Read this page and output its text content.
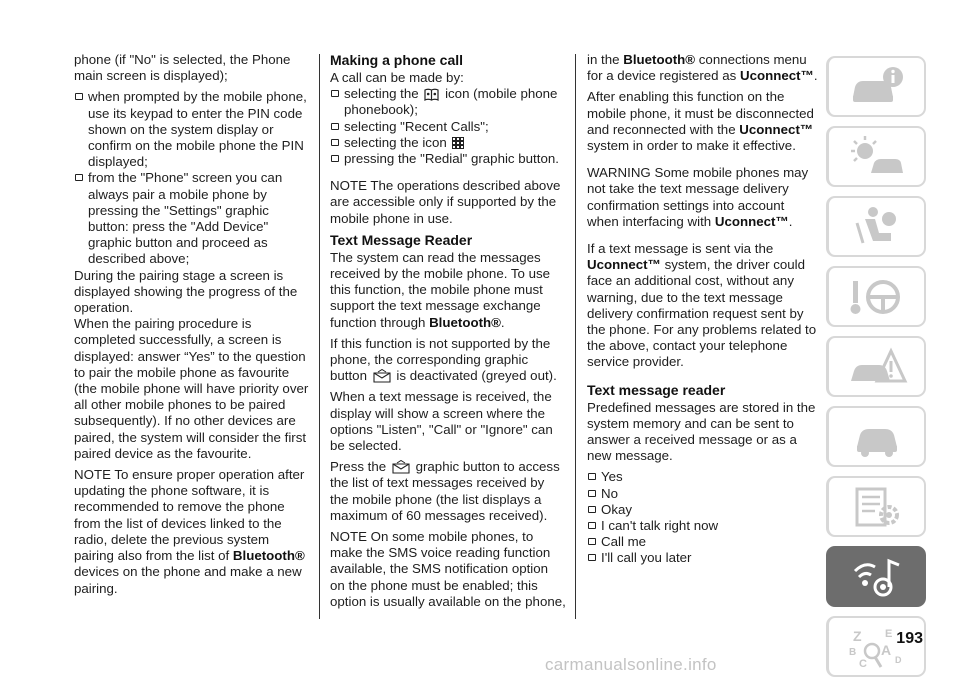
phone (if "No" is selected, the Phone main screen is displayed);

when prompted by the mobile phone, use its keypad to enter the PIN code shown on the system display or confirm on the mobile phone the PIN displayed;
from the "Phone" screen you can always pair a mobile phone by pressing the "Settings" graphic button: press the "Add Device" graphic button and proceed as described above;
During the pairing stage a screen is displayed showing the progress of the operation.

When the pairing procedure is completed successfully, a screen is displayed: answer “Yes” to the question to pair the mobile phone as favourite (the mobile phone will have priority over all other mobile phones to be paired subsequently). If no other devices are paired, the system will consider the first paired device as the favourite.

NOTE To ensure proper operation after updating the phone software, it is recommended to remove the phone from the list of devices linked to the radio, delete the previous system pairing also from the list of Bluetooth® devices on the phone and make a new pairing.

Making a phone call
A call can be made by:
selecting the icon (mobile phone phonebook);
selecting "Recent Calls";
selecting the icon
pressing the "Redial" graphic button.

NOTE The operations described above are accessible only if supported by the mobile phone in use.

Text Message Reader

The system can read the messages received by the mobile phone. To use this function, the mobile phone must support the text message exchange function through Bluetooth®.

If this function is not supported by the phone, the corresponding graphic button is deactivated (greyed out).

When a text message is received, the display will show a screen where the options "Listen", "Call" or "Ignore" can be selected.

Press the graphic button to access the list of text messages received by the mobile phone (the list displays a maximum of 60 messages received).

NOTE On some mobile phones, to make the SMS voice reading function available, the SMS notification option on the phone must be enabled; this option is usually available on the phone,

in the Bluetooth® connections menu for a device registered as Uconnect™.

After enabling this function on the mobile phone, it must be disconnected and reconnected with the Uconnect™ system in order to make it effective.

WARNING Some mobile phones may not take the text message delivery confirmation settings into account when interfacing with Uconnect™.

If a text message is sent via the Uconnect™ system, the driver could face an additional cost, without any warning, due to the text message delivery confirmation request sent by the phone. For any problems related to the above, contact your telephone service provider.

Text message reader

Predefined messages are stored in the system memory and can be sent to answer a received message or as a new message.

Yes
No
Okay
I can't talk right now
Call me
I'll call you later
Z E
B A
C	D
193
carmanualsonline.info
